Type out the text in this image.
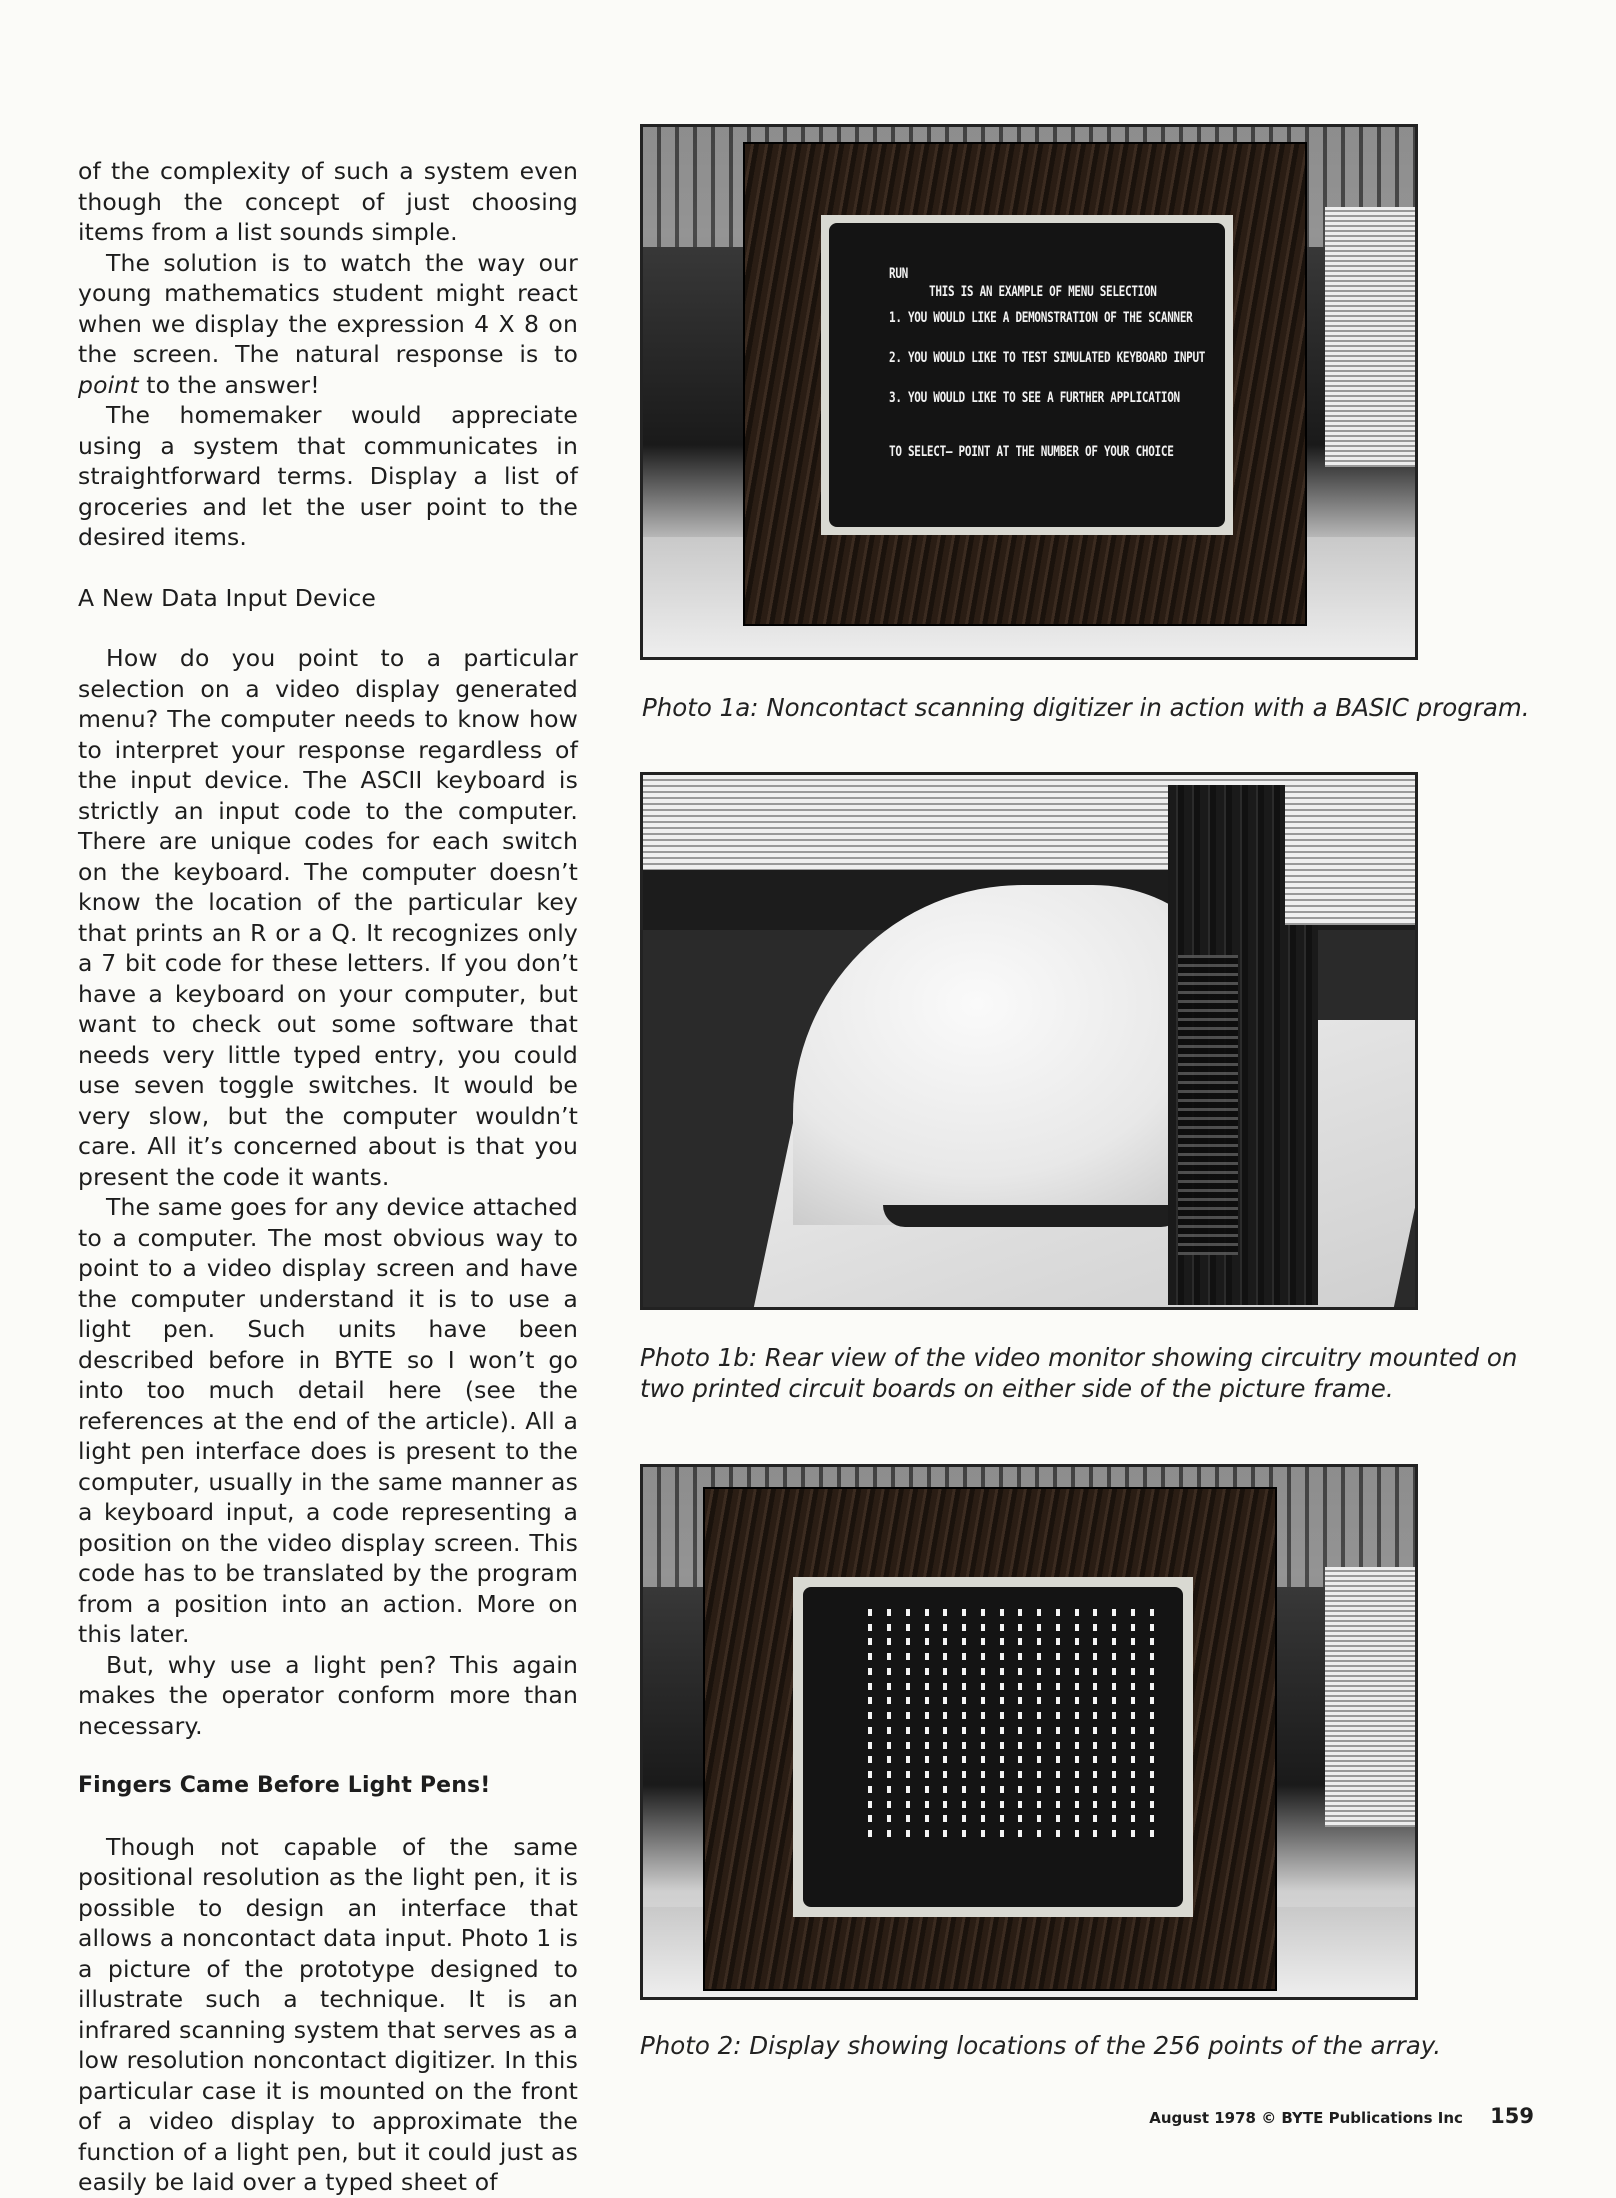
of the complexity of such a system even though the concept of just choosing items from a list sounds simple.

The solution is to watch the way our young mathematics student might react when we display the expression 4 X 8 on the screen. The natural response is to point to the answer!

The homemaker would appreciate using a system that communicates in straightforward terms. Display a list of groceries and let the user point to the desired items.

A New Data Input Device

How do you point to a particular selection on a video display generated menu? The computer needs to know how to interpret your response regardless of the input device. The ASCII keyboard is strictly an input code to the computer. There are unique codes for each switch on the keyboard. The computer doesn’t know the location of the particular key that prints an R or a Q. It recognizes only a 7 bit code for these letters. If you don’t have a keyboard on your computer, but want to check out some software that needs very little typed entry, you could use seven toggle switches. It would be very slow, but the computer wouldn’t care. All it’s concerned about is that you present the code it wants.

The same goes for any device attached to a computer. The most obvious way to point to a video display screen and have the computer understand it is to use a light pen. Such units have been described before in BYTE so I won’t go into too much detail here (see the references at the end of the article). All a light pen interface does is present to the computer, usually in the same manner as a keyboard input, a code representing a position on the video display screen. This code has to be translated by the program from a position into an action. More on this later.

But, why use a light pen? This again makes the operator conform more than necessary.

Fingers Came Before Light Pens!

Though not capable of the same positional resolution as the light pen, it is possible to design an interface that allows a noncontact data input. Photo 1 is a picture of the prototype designed to illustrate such a technique. It is an infrared scanning system that serves as a low resolution noncontact digitizer. In this particular case it is mounted on the front of a video display to approximate the function of a light pen, but it could just as easily be laid over a typed sheet of

RUN
THIS IS AN EXAMPLE OF MENU SELECTION
1. YOU WOULD LIKE A DEMONSTRATION OF THE SCANNER
2. YOU WOULD LIKE TO TEST SIMULATED KEYBOARD INPUT
3. YOU WOULD LIKE TO SEE A FURTHER APPLICATION
TO SELECT— POINT AT THE NUMBER OF YOUR CHOICE
Photo 1a: Noncontact scanning digitizer in action with a BASIC program.
Photo 1b: Rear view of the video monitor showing circuitry mounted on two printed circuit boards on either side of the picture frame.
Photo 2: Display showing locations of the 256 points of the array.
August 1978 © BYTE Publications Inc 159
